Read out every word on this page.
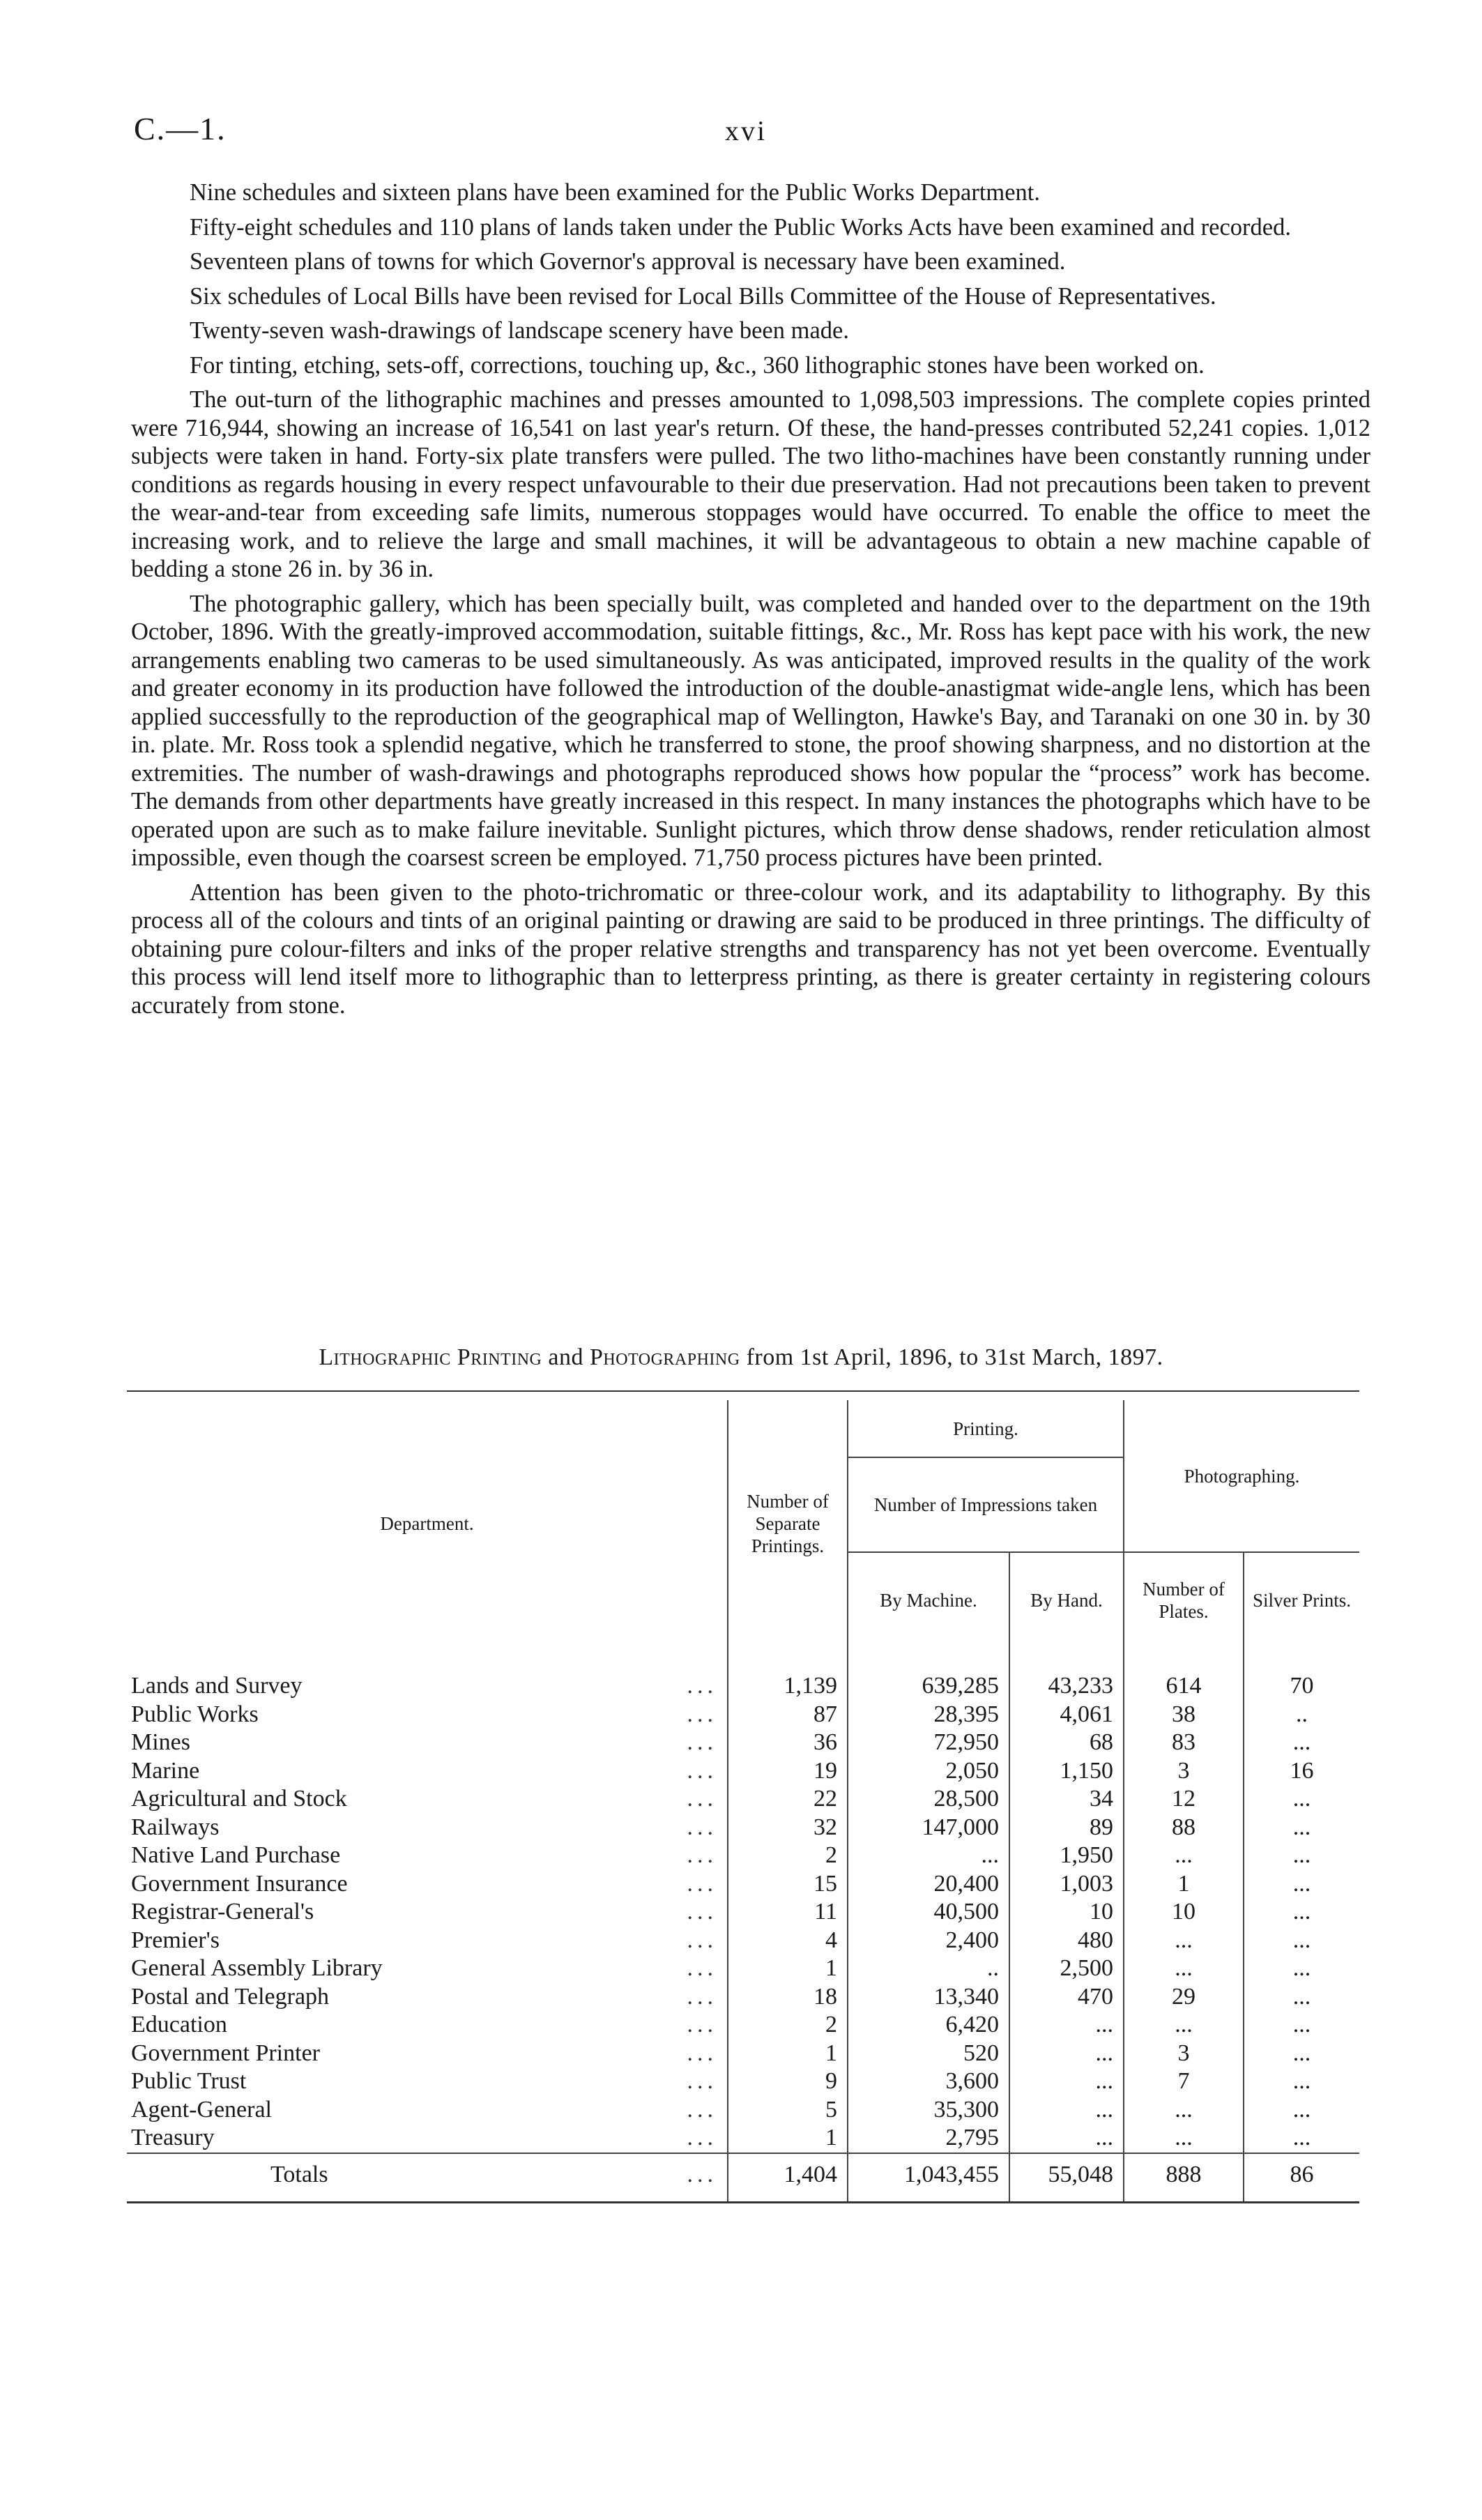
C.—1.	xvi

Nine schedules and sixteen plans have been examined for the Public Works Department.

Fifty-eight schedules and 110 plans of lands taken under the Public Works Acts have been examined and recorded.

Seventeen plans of towns for which Governor's approval is necessary have been examined.

Six schedules of Local Bills have been revised for Local Bills Committee of the House of Representatives.

Twenty-seven wash-drawings of landscape scenery have been made.

For tinting, etching, sets-off, corrections, touching up, &c., 360 lithographic stones have been worked on.

The out-turn of the lithographic machines and presses amounted to 1,098,503 impressions. The complete copies printed were 716,944, showing an increase of 16,541 on last year's return. Of these, the hand-presses contributed 52,241 copies. 1,012 subjects were taken in hand. Forty-six plate transfers were pulled. The two litho-machines have been constantly running under conditions as regards housing in every respect unfavourable to their due preservation. Had not precautions been taken to prevent the wear-and-tear from exceeding safe limits, numerous stoppages would have occurred. To enable the office to meet the increasing work, and to relieve the large and small machines, it will be advantageous to obtain a new machine capable of bedding a stone 26 in. by 36 in.

The photographic gallery, which has been specially built, was completed and handed over to the department on the 19th October, 1896. With the greatly-improved accommodation, suitable fittings, &c., Mr. Ross has kept pace with his work, the new arrangements enabling two cameras to be used simultaneously. As was anticipated, improved results in the quality of the work and greater economy in its production have followed the introduction of the double-anastigmat wide-angle lens, which has been applied successfully to the reproduction of the geographical map of Wellington, Hawke's Bay, and Taranaki on one 30 in. by 30 in. plate. Mr. Ross took a splendid negative, which he transferred to stone, the proof showing sharpness, and no distortion at the extremities. The number of wash-drawings and photographs reproduced shows how popular the “process” work has become. The demands from other departments have greatly increased in this respect. In many instances the photographs which have to be operated upon are such as to make failure inevitable. Sunlight pictures, which throw dense shadows, render reticulation almost impossible, even though the coarsest screen be employed. 71,750 process pictures have been printed.

Attention has been given to the photo-trichromatic or three-colour work, and its adaptability to lithography. By this process all of the colours and tints of an original painting or drawing are said to be produced in three printings. The difficulty of obtaining pure colour-filters and inks of the proper relative strengths and transparency has not yet been overcome. Eventually this process will lend itself more to lithographic than to letterpress printing, as there is greater certainty in registering colours accurately from stone.

Lithographic Printing and Photographing from 1st April, 1896, to 31st March, 1897.
Department.	Number of Separate Printings.	Printing.		Photographing.	
		Number of Impressions taken			
		By Machine.	By Hand.	Number of Plates.	Silver Prints.

Lands and Survey ...	1,139	639,285	43,233	614	70
Public Works ...	87	28,395	4,061	38	..
Mines ...	36	72,950	68	83	...
Marine ...	19	2,050	1,150	3	16
Agricultural and Stock ...	22	28,500	34	12	...
Railways ...	32	147,000	89	88	...
Native Land Purchase ...	2	...	1,950	...	...
Government Insurance ...	15	20,400	1,003	1	...
Registrar-General's ...	11	40,500	10	10	...
Premier's ...	4	2,400	480	...	...
General Assembly Library ...	1	..	2,500	...	...
Postal and Telegraph ...	18	13,340	470	29	...
Education ...	2	6,420	...	...	...
Government Printer ...	1	520	...	3	...
Public Trust ...	9	3,600	...	7	...
Agent-General ...	5	35,300	...	...	...
Treasury ...	1	2,795	...	...	...
Totals ...	1,404	1,043,455	55,048	888	86
